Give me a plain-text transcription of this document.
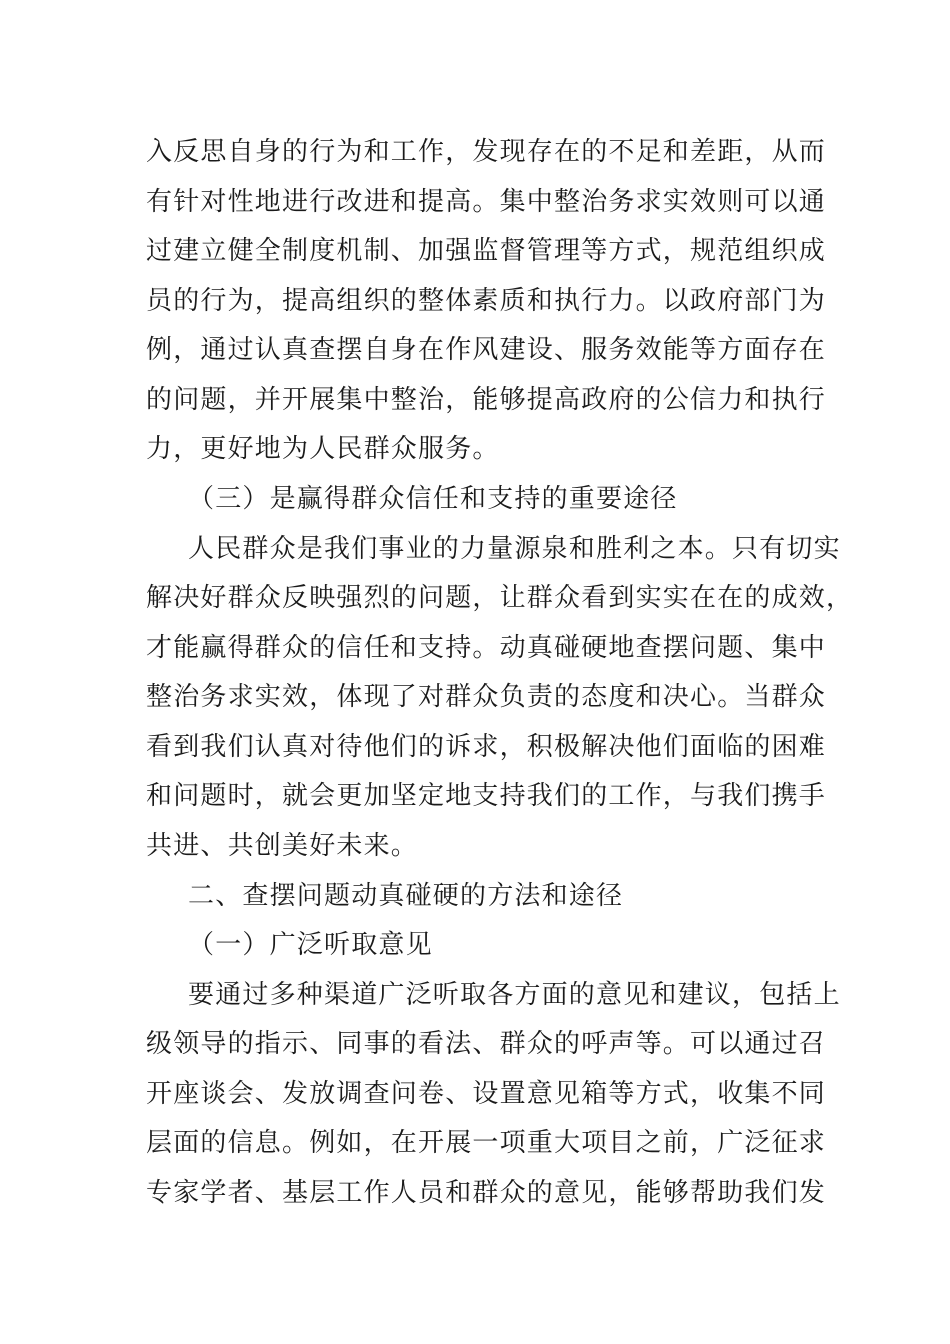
入反思自身的行为和工作，发现存在的不足和差距，从而
有针对性地进行改进和提高。集中整治务求实效则可以通
过建立健全制度机制、加强监督管理等方式，规范组织成
员的行为，提高组织的整体素质和执行力。以政府部门为
例，通过认真查摆自身在作风建设、服务效能等方面存在
的问题，并开展集中整治，能够提高政府的公信力和执行
力，更好地为人民群众服务。
（三）是赢得群众信任和支持的重要途径
人民群众是我们事业的力量源泉和胜利之本。只有切实
解决好群众反映强烈的问题，让群众看到实实在在的成效，
才能赢得群众的信任和支持。动真碰硬地查摆问题、集中
整治务求实效，体现了对群众负责的态度和决心。当群众
看到我们认真对待他们的诉求，积极解决他们面临的困难
和问题时，就会更加坚定地支持我们的工作，与我们携手
共进、共创美好未来。
二、查摆问题动真碰硬的方法和途径
（一）广泛听取意见
要通过多种渠道广泛听取各方面的意见和建议，包括上
级领导的指示、同事的看法、群众的呼声等。可以通过召
开座谈会、发放调查问卷、设置意见箱等方式，收集不同
层面的信息。例如，在开展一项重大项目之前，广泛征求
专家学者、基层工作人员和群众的意见，能够帮助我们发
